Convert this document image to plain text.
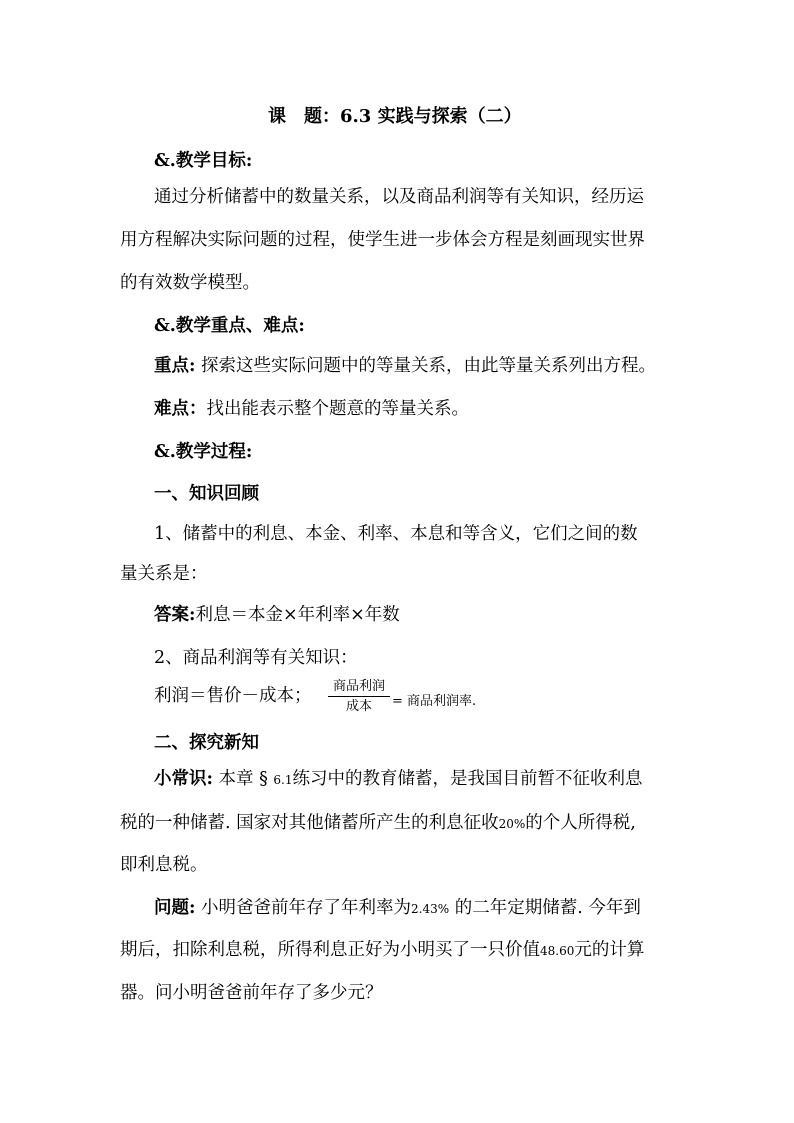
课　题：6.3 实践与探索（二）
&.教学目标:
通过分析储蓄中的数量关系，以及商品利润等有关知识，经历运
用方程解决实际问题的过程，使学生进一步体会方程是刻画现实世界
的有效数学模型。
&.教学重点、难点:
重点: 探索这些实际问题中的等量关系，由此等量关系列出方程。
难点：找出能表示整个题意的等量关系。
&.教学过程:
一、知识回顾
1、储蓄中的利息、本金、利率、本息和等含义，它们之间的数
量关系是：
答案:利息＝本金×年利率×年数
2、商品利润等有关知识：
利润＝售价－成本；	商品利润
成本	= 商品利润率.
二、探究新知
小常识: 本章 § 6.1练习中的教育储蓄，是我国目前暂不征收利息
税的一种储蓄. 国家对其他储蓄所产生的利息征收20%的个人所得税,
即利息税。
问题: 小明爸爸前年存了年利率为2.43% 的二年定期储蓄. 今年到
期后，扣除利息税，所得利息正好为小明买了一只价值48.60元的计算
器。问小明爸爸前年存了多少元？
